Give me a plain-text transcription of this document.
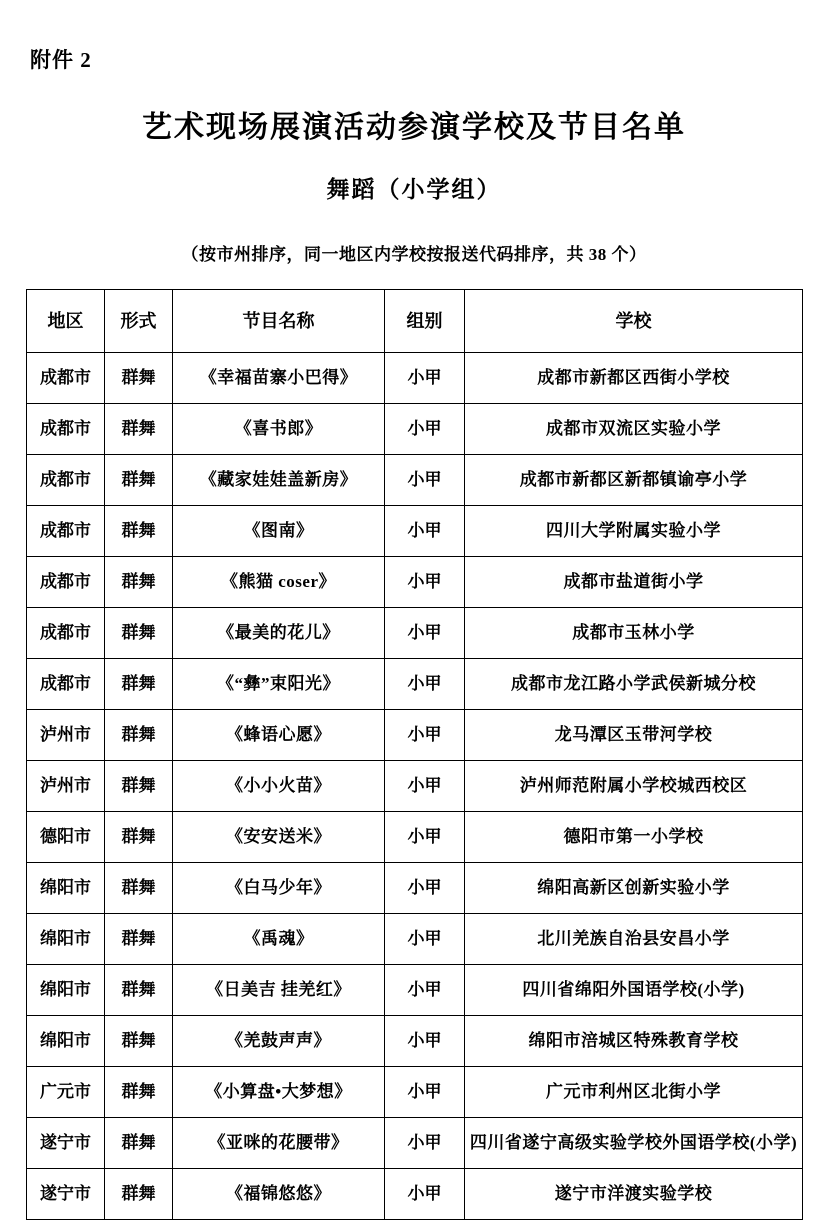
附件 2
艺术现场展演活动参演学校及节目名单
舞蹈（小学组）
（按市州排序，同一地区内学校按报送代码排序，共 38 个）
地区	形式	节目名称	组别	学校
成都市	群舞	《幸福苗寨小巴得》	小甲	成都市新都区西街小学校
成都市	群舞	《喜书郎》	小甲	成都市双流区实验小学
成都市	群舞	《藏家娃娃盖新房》	小甲	成都市新都区新都镇谕亭小学
成都市	群舞	《图南》	小甲	四川大学附属实验小学
成都市	群舞	《熊猫 coser》	小甲	成都市盐道街小学
成都市	群舞	《最美的花儿》	小甲	成都市玉林小学
成都市	群舞	《“彝”束阳光》	小甲	成都市龙江路小学武侯新城分校
泸州市	群舞	《蜂语心愿》	小甲	龙马潭区玉带河学校
泸州市	群舞	《小小火苗》	小甲	泸州师范附属小学校城西校区
德阳市	群舞	《安安送米》	小甲	德阳市第一小学校
绵阳市	群舞	《白马少年》	小甲	绵阳高新区创新实验小学
绵阳市	群舞	《禹魂》	小甲	北川羌族自治县安昌小学
绵阳市	群舞	《日美吉 挂羌红》	小甲	四川省绵阳外国语学校(小学)
绵阳市	群舞	《羌鼓声声》	小甲	绵阳市涪城区特殊教育学校
广元市	群舞	《小算盘•大梦想》	小甲	广元市利州区北街小学
遂宁市	群舞	《亚咪的花腰带》	小甲	四川省遂宁高级实验学校外国语学校(小学)
遂宁市	群舞	《福锦悠悠》	小甲	遂宁市洋渡实验学校
